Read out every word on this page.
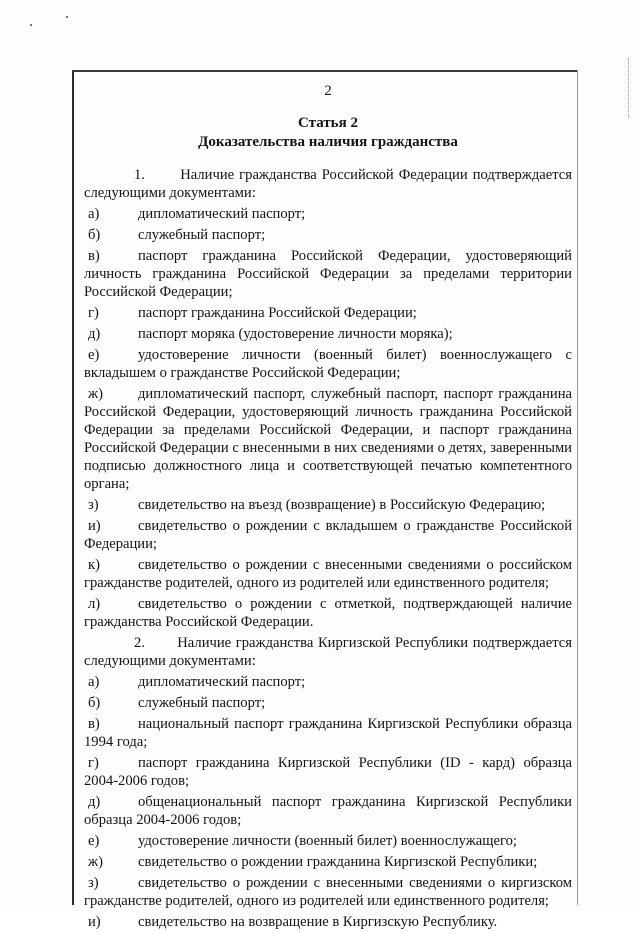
2
Статья 2
Доказательства наличия гражданства

1. Наличие гражданства Российской Федерации подтверждается следующими документами:

а)	дипломатический паспорт;
б)	служебный паспорт;

в)	паспорт гражданина Российской Федерации, удостоверяющий личность гражданина Российской Федерации за пределами территории Российской Федерации;

г)	паспорт гражданина Российской Федерации;
д)	паспорт моряка (удостоверение личности моряка);

е)	удостоверение личности (военный билет) военнослужащего с вкладышем о гражданстве Российской Федерации;

ж) дипломатический паспорт, служебный паспорт, паспорт гражданина Российской Федерации, удостоверяющий личность гражданина Российской Федерации за пределами Российской Федерации, и паспорт гражданина Российской Федерации с внесенными в них сведениями о детях, заверенными подписью должностного лица и соответствующей печатью компетентного органа;

з)	свидетельство на въезд (возвращение) в Российскую Федерацию;

и)	свидетельство о рождении с вкладышем о гражданстве Российской Федерации;

к)	свидетельство о рождении с внесенными сведениями о российском гражданстве родителей, одного из родителей или единственного родителя;

л)	свидетельство о рождении с отметкой, подтверждающей наличие гражданства Российской Федерации.

2. Наличие гражданства Киргизской Республики подтверждается следующими документами:

а)	дипломатический паспорт;
б)	служебный паспорт;

в)	национальный паспорт гражданина Киргизской Республики образца 1994 года;

г)	паспорт гражданина Киргизской Республики (ID - кард) образца 2004-2006 годов;

д)	общенациональный паспорт гражданина Киргизской Республики образца 2004-2006 годов;

е)	удостоверение личности (военный билет) военнослужащего;
ж)	свидетельство о рождении гражданина Киргизской Республики;

з)	свидетельство о рождении с внесенными сведениями о киргизском гражданстве родителей, одного из родителей или единственного родителя;

и)	свидетельство на возвращение в Киргизскую Республику.
